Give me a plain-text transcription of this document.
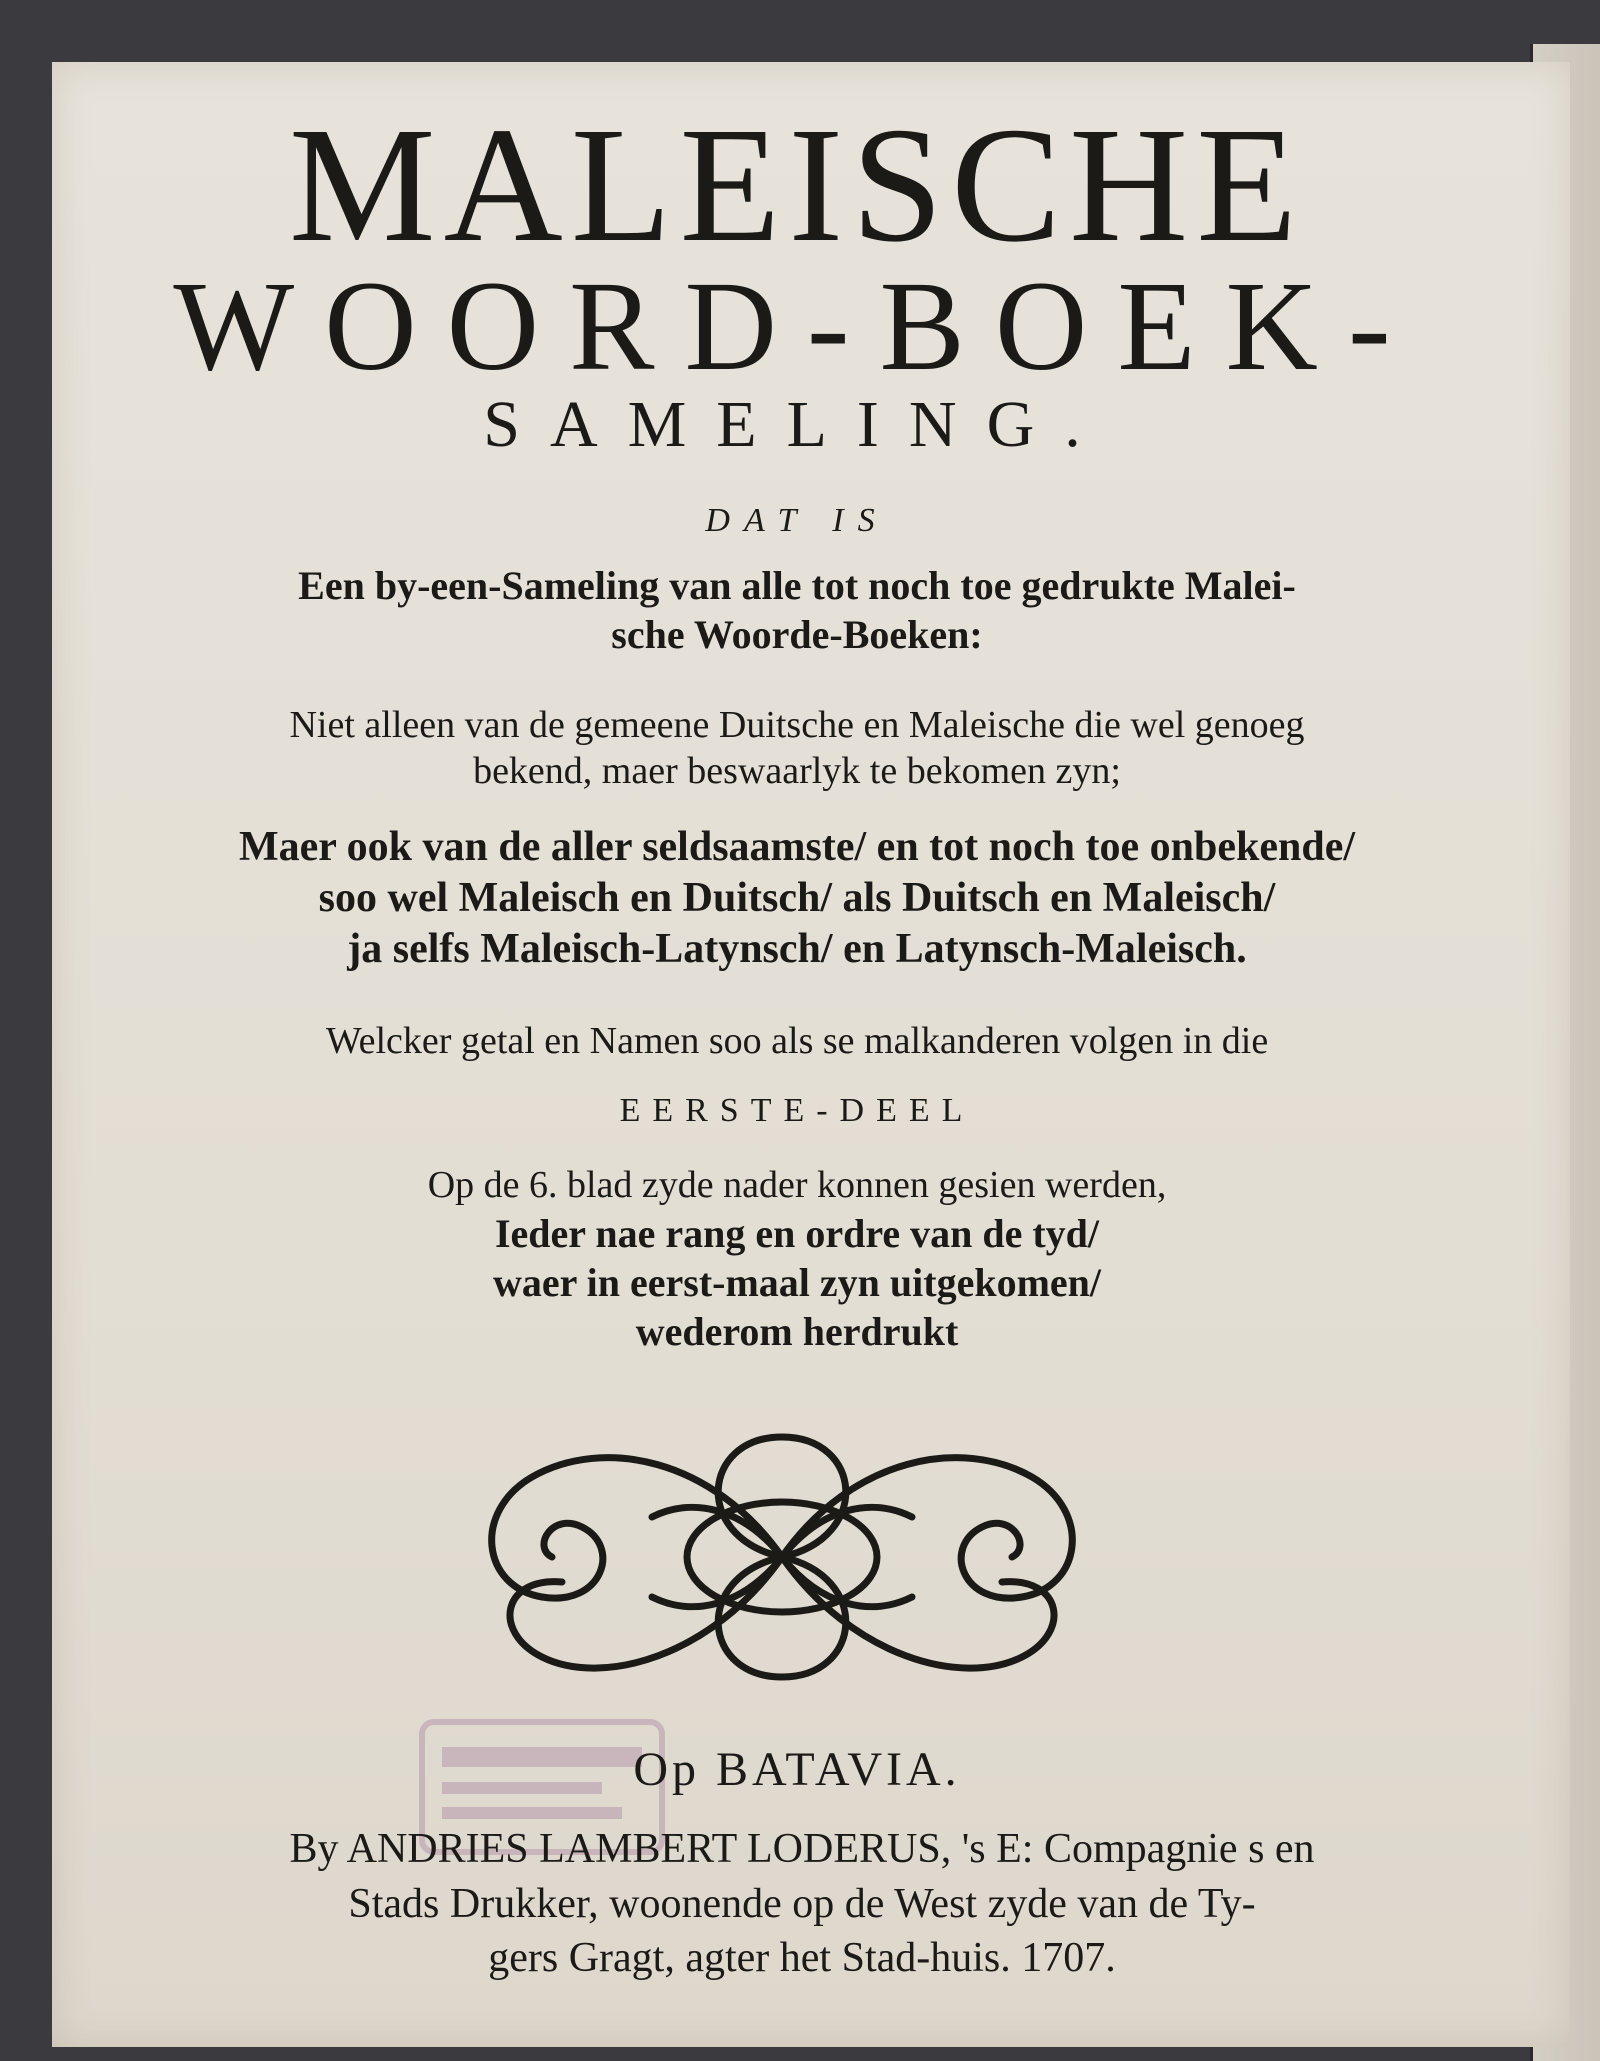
MALEISCHE
WOORD-BOEK-
SAMELING.
DAT IS
Een by-een-Sameling van alle tot noch toe gedrukte Malei-
sche Woorde-Boeken:
Niet alleen van de gemeene Duitsche en Maleische die wel genoeg
bekend, maer beswaarlyk te bekomen zyn;
Maer ook van de aller seldsaamste/ en tot noch toe onbekende/
soo wel Maleisch en Duitsch/ als Duitsch en Maleisch/
ja selfs Maleisch-Latynsch/ en Latynsch-Maleisch.
Welcker getal en Namen soo als se malkanderen volgen in die
EERSTE-DEEL
Op de 6. blad zyde nader konnen gesien werden,
Ieder nae rang en ordre van de tyd/
waer in eerst-maal zyn uitgekomen/
wederom herdrukt
Op BATAVIA.
By ANDRIES LAMBERT LODERUS, 's E: Compagnie s en
Stads Drukker, woonende op de West zyde van de Ty-
gers Gragt, agter het Stad-huis. 1707.
